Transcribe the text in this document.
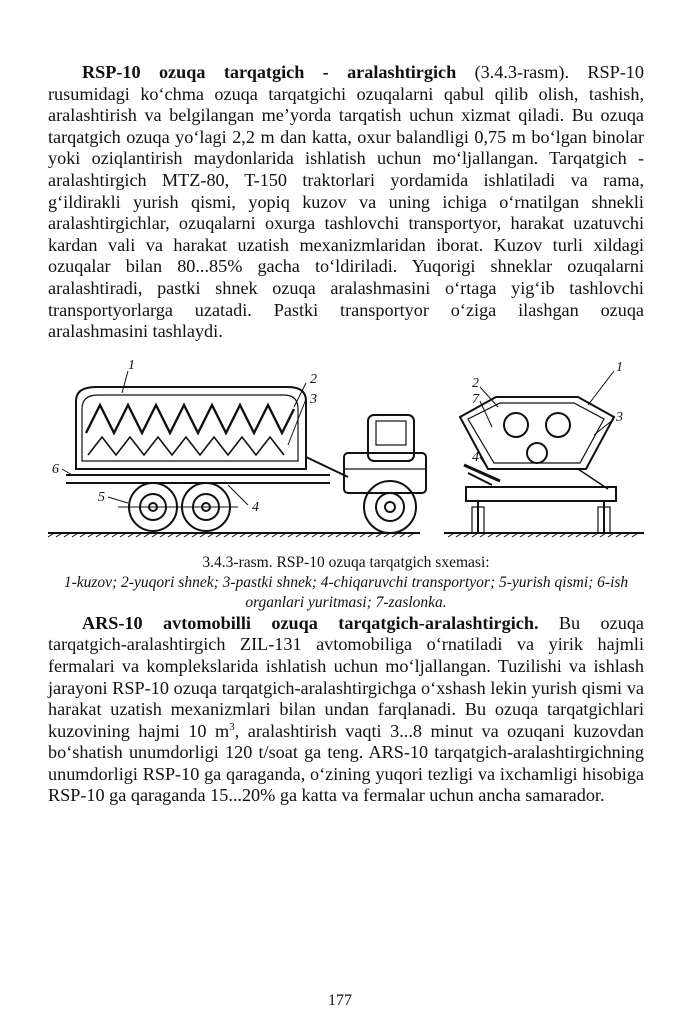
RSP-10 ozuqa tarqatgich - aralashtirgich (3.4.3-rasm). RSP-10 rusumidagi ko‘chma ozuqa tarqatgichi ozuqalarni qabul qilib olish, tashish, aralashtirish va belgilangan me’yorda tarqatish uchun xizmat qiladi. Bu ozuqa tarqatgich ozuqa yo‘lagi 2,2 m dan katta, oxur balandligi 0,75 m bo‘lgan binolar yoki oziqlantirish maydonlarida ishlatish uchun mo‘ljallangan. Tarqatgich - aralashtirgich MTZ-80, T-150 traktorlari yordamida ishlatiladi va rama, g‘ildirakli yurish qismi, yopiq kuzov va uning ichiga o‘rnatilgan shnekli aralashtirgichlar, ozuqalarni oxurga tashlovchi transportyor, harakat uzatuvchi kardan vali va harakat uzatish mexanizmlaridan iborat. Kuzov turli xildagi ozuqalar bilan 80...85% gacha to‘ldiriladi. Yuqorigi shneklar ozuqalarni aralashtiradi, pastki shnek ozuqa aralashmasini o‘rtaga yig‘ib tashlovchi transportyorlarga uzatadi. Pastki transportyor o‘ziga ilashgan ozuqa aralashmasini tashlaydi.

1
2
3
4
5
6
2
7
1
3
4
3.4.3-rasm. RSP-10 ozuqa tarqatgich sxemasi:
1-kuzov; 2-yuqori shnek; 3-pastki shnek; 4-chiqaruvchi transportyor; 5-yurish qismi; 6-ish organlari yuritmasi; 7-zaslonka.

ARS-10 avtomobilli ozuqa tarqatgich-aralashtirgich. Bu ozuqa tarqatgich-aralashtirgich ZIL-131 avtomobiliga o‘rnatiladi va yirik hajmli fermalari va komplekslarida ishlatish uchun mo‘ljallangan. Tuzilishi va ishlash jarayoni RSP-10 ozuqa tarqatgich-aralashtirgichga o‘xshash lekin yurish qismi va harakat uzatish mexanizmlari bilan undan farqlanadi. Bu ozuqa tarqatgichlari kuzovining hajmi 10 $m^3$, aralashtirish vaqti 3...8 minut va ozuqani kuzovdan bo‘shatish unumdorligi 120 t/soat ga teng. ARS-10 tarqatgich-aralashtirgichning unumdorligi RSP-10 ga qaraganda, o‘zining yuqori tezligi va ixchamligi hisobiga RSP-10 ga qaraganda 15...20% ga katta va fermalar uchun ancha samarador.

177
